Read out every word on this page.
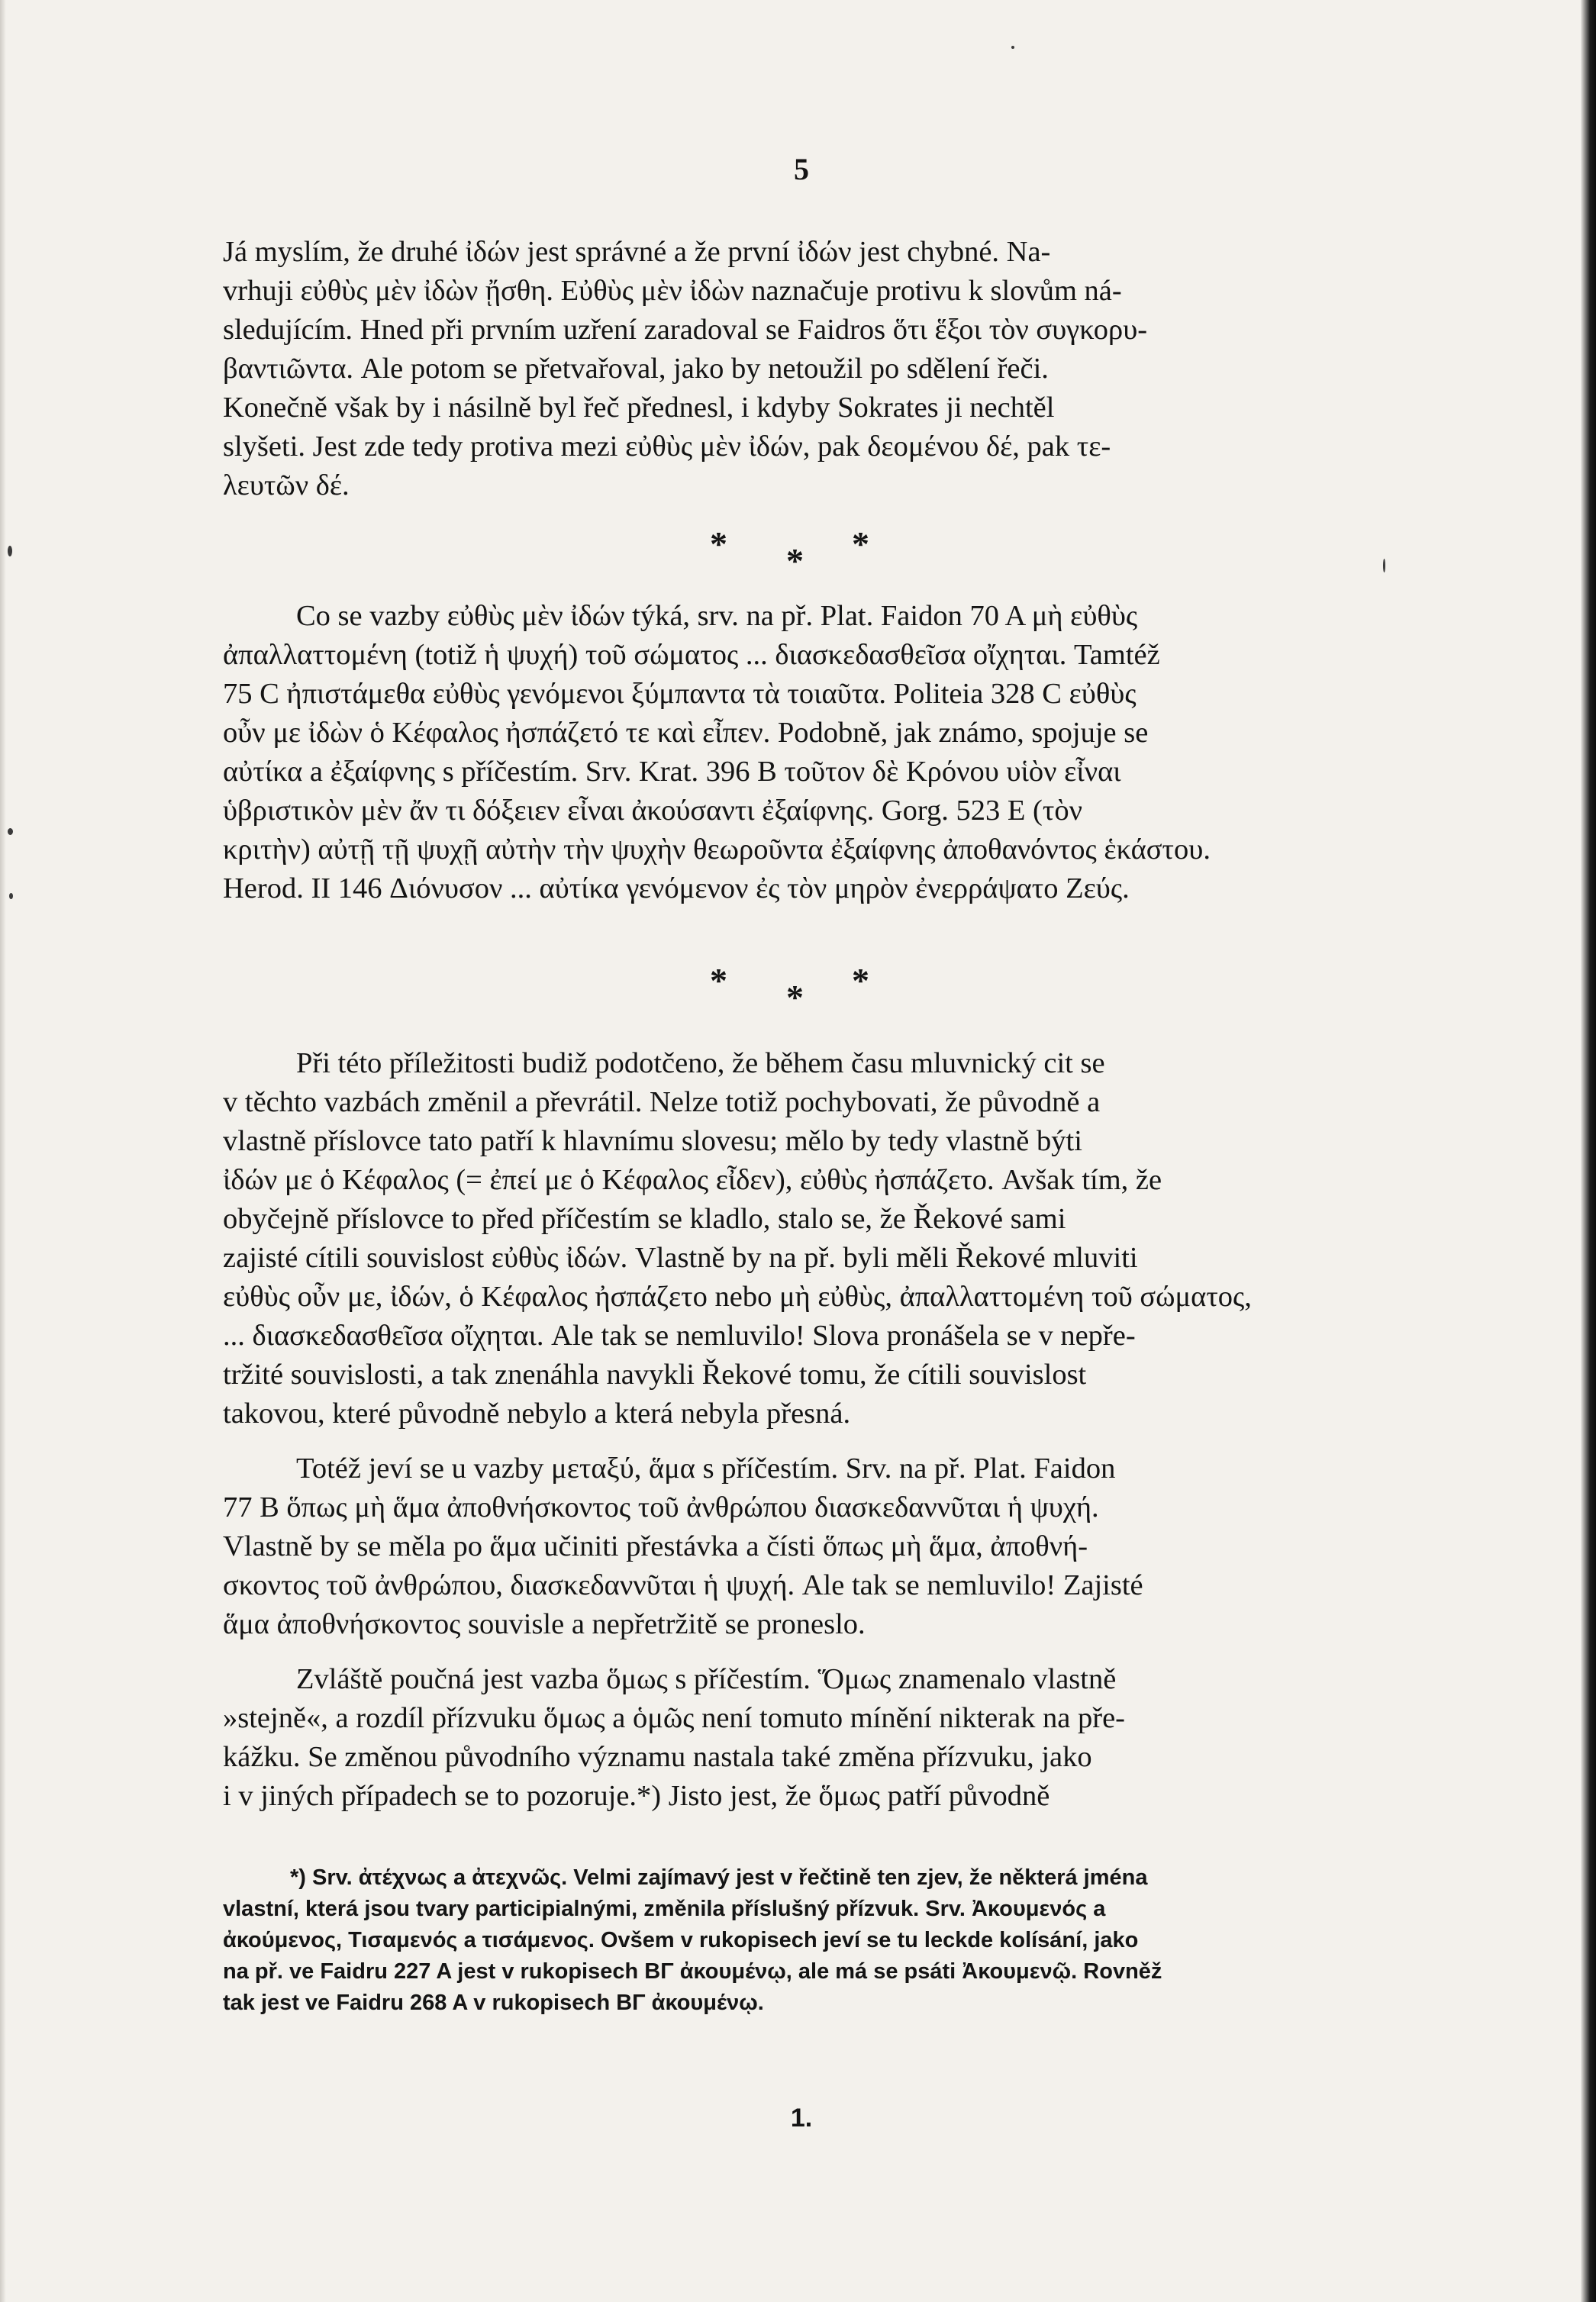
5
Já myslím, že druhé ἰδών jest správné a že první ἰδών jest chybné. Na-
vrhuji εὐθὺς μὲν ἰδὼν ᾔσθη. Εὐθὺς μὲν ἰδὼν naznačuje protivu k slovům ná-
sledujícím. Hned při prvním uzření zaradoval se Faidros ὅτι ἕξοι τὸν συγκορυ-
βαντιῶντα. Ale potom se přetvařoval, jako by netoužil po sdělení řeči.
Konečně však by i násilně byl řeč přednesl, i kdyby Sokrates ji nechtěl
slyšeti. Jest zde tedy protiva mezi εὐθὺς μὲν ἰδών, pak δεομένου δέ, pak τε-
λευτῶν δέ.
* * *
Co se vazby εὐθὺς μὲν ἰδών týká, srv. na př. Plat. Faidon 70 A μὴ εὐθὺς
ἀπαλλαττομένη (totiž ἡ ψυχή) τοῦ σώματος ... διασκεδασθεῖσα οἴχηται. Tamtéž
75 C ἠπιστάμεθα εὐθὺς γενόμενοι ξύμπαντα τὰ τοιαῦτα. Politeia 328 C εὐθὺς
οὖν με ἰδὼν ὁ Κέφαλος ἠσπάζετό τε καὶ εἶπεν. Podobně, jak známo, spojuje se
αὐτίκα a ἐξαίφνης s příčestím. Srv. Krat. 396 B τοῦτον δὲ Κρόνου υἱὸν εἶναι
ὑβριστικὸν μὲν ἄν τι δόξειεν εἶναι ἀκούσαντι ἐξαίφνης. Gorg. 523 E (τὸν
κριτὴν) αὐτῇ τῇ ψυχῇ αὐτὴν τὴν ψυχὴν θεωροῦντα ἐξαίφνης ἀποθανόντος ἑκάστου.
Herod. II 146 Διόνυσον ... αὐτίκα γενόμενον ἐς τὸν μηρὸν ἐνερράψατο Ζεύς.
* * *
Při této příležitosti budiž podotčeno, že během času mluvnický cit se
v těchto vazbách změnil a převrátil. Nelze totiž pochybovati, že původně a
vlastně příslovce tato patří k hlavnímu slovesu; mělo by tedy vlastně býti
ἰδών με ὁ Κέφαλος (= ἐπεί με ὁ Κέφαλος εἶδεν), εὐθὺς ἠσπάζετο. Avšak tím, že
obyčejně příslovce to před příčestím se kladlo, stalo se, že Řekové sami
zajisté cítili souvislost εὐθὺς ἰδών. Vlastně by na př. byli měli Řekové mluviti
εὐθὺς οὖν με, ἰδών, ὁ Κέφαλος ἠσπάζετο nebo μὴ εὐθὺς, ἀπαλλαττομένη τοῦ σώματος,
... διασκεδασθεῖσα οἴχηται. Ale tak se nemluvilo! Slova pronášela se v nepře-
tržité souvislosti, a tak znenáhla navykli Řekové tomu, že cítili souvislost
takovou, které původně nebylo a která nebyla přesná.
Totéž jeví se u vazby μεταξύ, ἅμα s příčestím. Srv. na př. Plat. Faidon
77 B ὅπως μὴ ἅμα ἀποθνήσκοντος τοῦ ἀνθρώπου διασκεδαννῦται ἡ ψυχή.
Vlastně by se měla po ἅμα učiniti přestávka a čísti ὅπως μὴ ἅμα, ἀποθνή-
σκοντος τοῦ ἀνθρώπου, διασκεδαννῦται ἡ ψυχή. Ale tak se nemluvilo! Zajisté
ἅμα ἀποθνήσκοντος souvisle a nepřetržitě se proneslo.
Zvláště poučná jest vazba ὅμως s příčestím. Ὅμως znamenalo vlastně
»stejně«, a rozdíl přízvuku ὅμως a ὁμῶς není tomuto mínění nikterak na pře-
kážku. Se změnou původního významu nastala také změna přízvuku, jako
i v jiných případech se to pozoruje.*) Jisto jest, že ὅμως patří původně
*) Srv. ἀτέχνως a ἀτεχνῶς. Velmi zajímavý jest v řečtině ten zjev, že některá jména
vlastní, která jsou tvary participialnými, změnila příslušný přízvuk. Srv. Ἀκουμενός a
ἀκούμενος, Τισαμενός a τισάμενος. Ovšem v rukopisech jeví se tu leckde kolísání, jako
na př. ve Faidru 227 A jest v rukopisech ΒΓ ἀκουμένῳ, ale má se psáti Ἀκουμενῷ. Rovněž
tak jest ve Faidru 268 A v rukopisech ΒΓ ἀκουμένῳ.
1.
